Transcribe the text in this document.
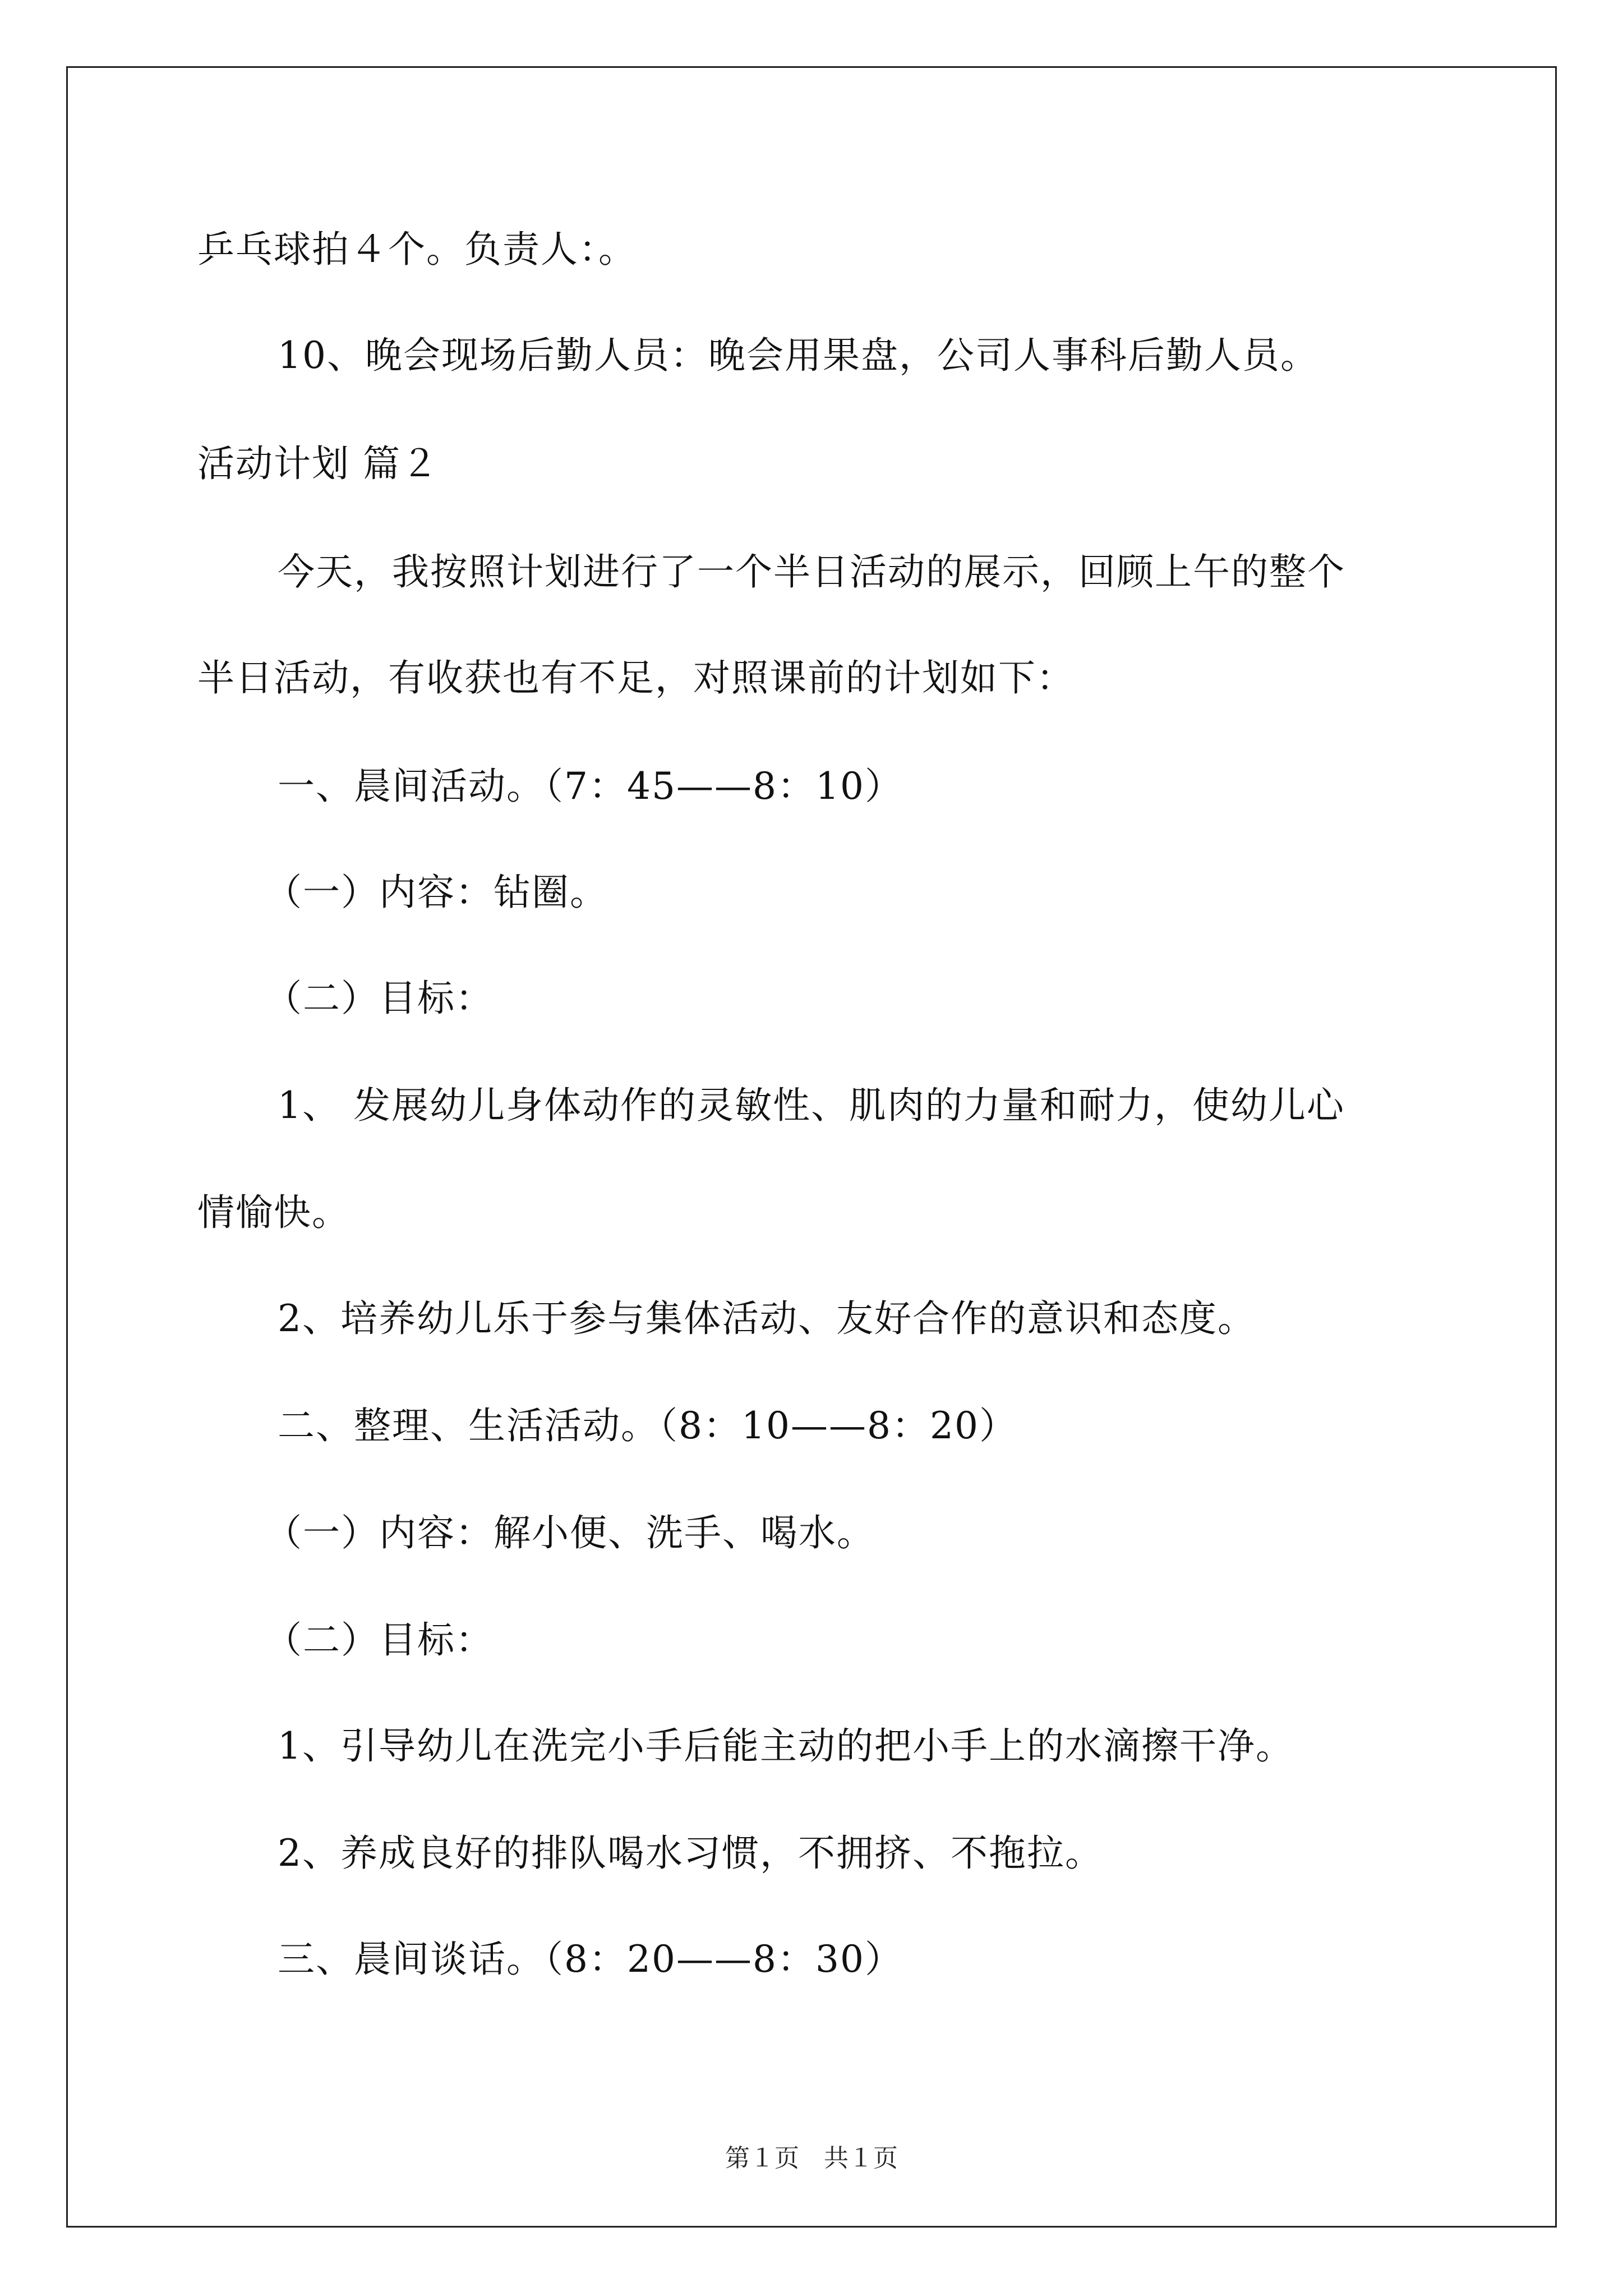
乒乓球拍４个。负责人：。
10、晚会现场后勤人员：晚会用果盘，公司人事科后勤人员。
活动计划 篇２
今天，我按照计划进行了一个半日活动的展示，回顾上午的整个
半日活动，有收获也有不足，对照课前的计划如下：
一、晨间活动。（7：45——8：10）
（一）内容：钻圈。
（二）目标：
1、 发展幼儿身体动作的灵敏性、肌肉的力量和耐力，使幼儿心
情愉快。
2、培养幼儿乐于参与集体活动、友好合作的意识和态度。
二、整理、生活活动。（8：10——8：20）
（一）内容：解小便、洗手、喝水。
（二）目标：
1、引导幼儿在洗完小手后能主动的把小手上的水滴擦干净。
2、养成良好的排队喝水习惯，不拥挤、不拖拉。
三、晨间谈话。（8：20——8：30）
第１页　共１页
